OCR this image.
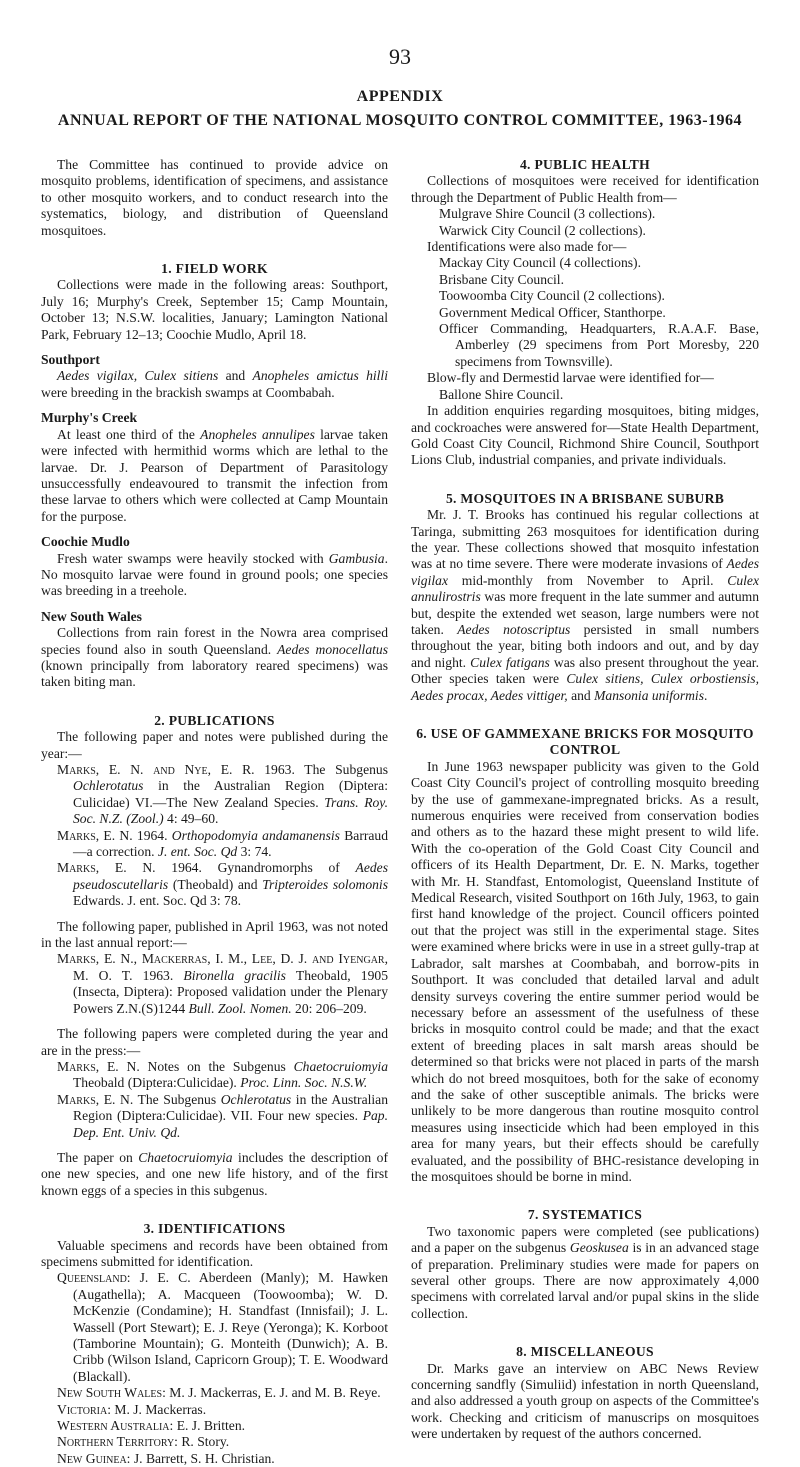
93
APPENDIX
ANNUAL REPORT OF THE NATIONAL MOSQUITO CONTROL COMMITTEE, 1963-1964

The Committee has continued to provide advice on mosquito problems, identification of specimens, and assistance to other mosquito workers, and to conduct research into the systematics, biology, and distribution of Queensland mosquitoes.

1. FIELD WORK

Collections were made in the following areas: Southport, July 16; Murphy's Creek, September 15; Camp Mountain, October 13; N.S.W. localities, January; Lamington National Park, February 12–13; Coochie Mudlo, April 18.

Southport

Aedes vigilax, Culex sitiens and Anopheles amictus hilli were breeding in the brackish swamps at Coombabah.

Murphy's Creek

At least one third of the Anopheles annulipes larvae taken were infected with hermithid worms which are lethal to the larvae. Dr. J. Pearson of Department of Parasitology unsuccessfully endeavoured to transmit the infection from these larvae to others which were collected at Camp Mountain for the purpose.

Coochie Mudlo

Fresh water swamps were heavily stocked with Gambusia. No mosquito larvae were found in ground pools; one species was breeding in a treehole.

New South Wales

Collections from rain forest in the Nowra area comprised species found also in south Queensland. Aedes monocellatus (known principally from laboratory reared specimens) was taken biting man.

2. PUBLICATIONS

The following paper and notes were published during the year:—

Marks, E. N. and Nye, E. R. 1963. The Subgenus Ochlerotatus in the Australian Region (Diptera: Culicidae) VI.—The New Zealand Species. Trans. Roy. Soc. N.Z. (Zool.) 4: 49–60.

Marks, E. N. 1964. Orthopodomyia andamanensis Barraud—a correction. J. ent. Soc. Qd 3: 74.

Marks, E. N. 1964. Gynandromorphs of Aedes pseudoscutellaris (Theobald) and Tripteroides solomonis Edwards. J. ent. Soc. Qd 3: 78.

The following paper, published in April 1963, was not noted in the last annual report:—

Marks, E. N., Mackerras, I. M., Lee, D. J. and Iyengar, M. O. T. 1963. Bironella gracilis Theobald, 1905 (Insecta, Diptera): Proposed validation under the Plenary Powers Z.N.(S)1244 Bull. Zool. Nomen. 20: 206–209.

The following papers were completed during the year and are in the press:—

Marks, E. N. Notes on the Subgenus Chaetocruiomyia Theobald (Diptera:Culicidae). Proc. Linn. Soc. N.S.W.

Marks, E. N. The Subgenus Ochlerotatus in the Australian Region (Diptera:Culicidae). VII. Four new species. Pap. Dep. Ent. Univ. Qd.

The paper on Chaetocruiomyia includes the description of one new species, and one new life history, and of the first known eggs of a species in this subgenus.

3. IDENTIFICATIONS

Valuable specimens and records have been obtained from specimens submitted for identification.

Queensland: J. E. C. Aberdeen (Manly); M. Hawken (Augathella); A. Macqueen (Toowoomba); W. D. McKenzie (Condamine); H. Standfast (Innisfail); J. L. Wassell (Port Stewart); E. J. Reye (Yeronga); K. Korboot (Tamborine Mountain); G. Monteith (Dunwich); A. B. Cribb (Wilson Island, Capricorn Group); T. E. Woodward (Blackall).

New South Wales: M. J. Mackerras, E. J. and M. B. Reye.

Victoria: M. J. Mackerras.

Western Australia: E. J. Britten.

Northern Territory: R. Story.

New Guinea: J. Barrett, S. H. Christian.

4. PUBLIC HEALTH

Collections of mosquitoes were received for identification through the Department of Public Health from—

Mulgrave Shire Council (3 collections).

Warwick City Council (2 collections).

Identifications were also made for—

Mackay City Council (4 collections).

Brisbane City Council.

Toowoomba City Council (2 collections).

Government Medical Officer, Stanthorpe.

Officer Commanding, Headquarters, R.A.A.F. Base, Amberley (29 specimens from Port Moresby, 220 specimens from Townsville).

Blow-fly and Dermestid larvae were identified for—

Ballone Shire Council.

In addition enquiries regarding mosquitoes, biting midges, and cockroaches were answered for—State Health Department, Gold Coast City Council, Richmond Shire Council, Southport Lions Club, industrial companies, and private individuals.

5. MOSQUITOES IN A BRISBANE SUBURB

Mr. J. T. Brooks has continued his regular collections at Taringa, submitting 263 mosquitoes for identification during the year. These collections showed that mosquito infestation was at no time severe. There were moderate invasions of Aedes vigilax mid-monthly from November to April. Culex annulirostris was more frequent in the late summer and autumn but, despite the extended wet season, large numbers were not taken. Aedes notoscriptus persisted in small numbers throughout the year, biting both indoors and out, and by day and night. Culex fatigans was also present throughout the year. Other species taken were Culex sitiens, Culex orbostiensis, Aedes procax, Aedes vittiger, and Mansonia uniformis.

6. USE OF GAMMEXANE BRICKS FOR MOSQUITO CONTROL

In June 1963 newspaper publicity was given to the Gold Coast City Council's project of controlling mosquito breeding by the use of gammexane-impregnated bricks. As a result, numerous enquiries were received from conservation bodies and others as to the hazard these might present to wild life. With the co-operation of the Gold Coast City Council and officers of its Health Department, Dr. E. N. Marks, together with Mr. H. Standfast, Entomologist, Queensland Institute of Medical Research, visited Southport on 16th July, 1963, to gain first hand knowledge of the project. Council officers pointed out that the project was still in the experimental stage. Sites were examined where bricks were in use in a street gully-trap at Labrador, salt marshes at Coombabah, and borrow-pits in Southport. It was concluded that detailed larval and adult density surveys covering the entire summer period would be necessary before an assessment of the usefulness of these bricks in mosquito control could be made; and that the exact extent of breeding places in salt marsh areas should be determined so that bricks were not placed in parts of the marsh which do not breed mosquitoes, both for the sake of economy and the sake of other susceptible animals. The bricks were unlikely to be more dangerous than routine mosquito control measures using insecticide which had been employed in this area for many years, but their effects should be carefully evaluated, and the possibility of BHC-resistance developing in the mosquitoes should be borne in mind.

7. SYSTEMATICS

Two taxonomic papers were completed (see publications) and a paper on the subgenus Geoskusea is in an advanced stage of preparation. Preliminary studies were made for papers on several other groups. There are now approximately 4,000 specimens with correlated larval and/or pupal skins in the slide collection.

8. MISCELLANEOUS

Dr. Marks gave an interview on ABC News Review concerning sandfly (Simuliid) infestation in north Queensland, and also addressed a youth group on aspects of the Committee's work. Checking and criticism of manuscrips on mosquitoes were undertaken by request of the authors concerned.
